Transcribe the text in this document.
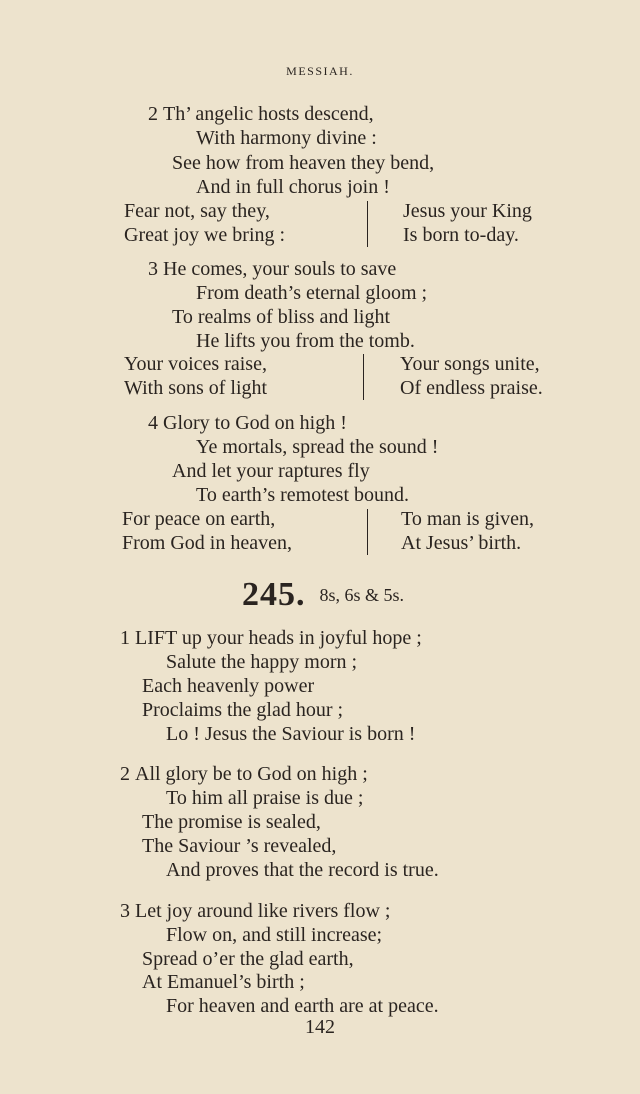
MESSIAH.
2 Th’ angelic hosts descend,
With harmony divine :
See how from heaven they bend,
And in full chorus join !
Fear not, say they,
Great joy we bring :
Jesus your King
Is born to-day.
3 He comes, your souls to save
From death’s eternal gloom ;
To realms of bliss and light
He lifts you from the tomb.
Your voices raise,
With sons of light
Your songs unite,
Of endless praise.
4 Glory to God on high !
Ye mortals, spread the sound !
And let your raptures fly
To earth’s remotest bound.
For peace on earth,
From God in heaven,
To man is given,
At Jesus’ birth.
245. 8s, 6s & 5s.
1 LIFT up your heads in joyful hope ;
Salute the happy morn ;
Each heavenly power
Proclaims the glad hour ;
Lo ! Jesus the Saviour is born !
2 All glory be to God on high ;
To him all praise is due ;
The promise is sealed,
The Saviour ’s revealed,
And proves that the record is true.
3 Let joy around like rivers flow ;
Flow on, and still increase;
Spread o’er the glad earth,
At Emanuel’s birth ;
For heaven and earth are at peace.
142
